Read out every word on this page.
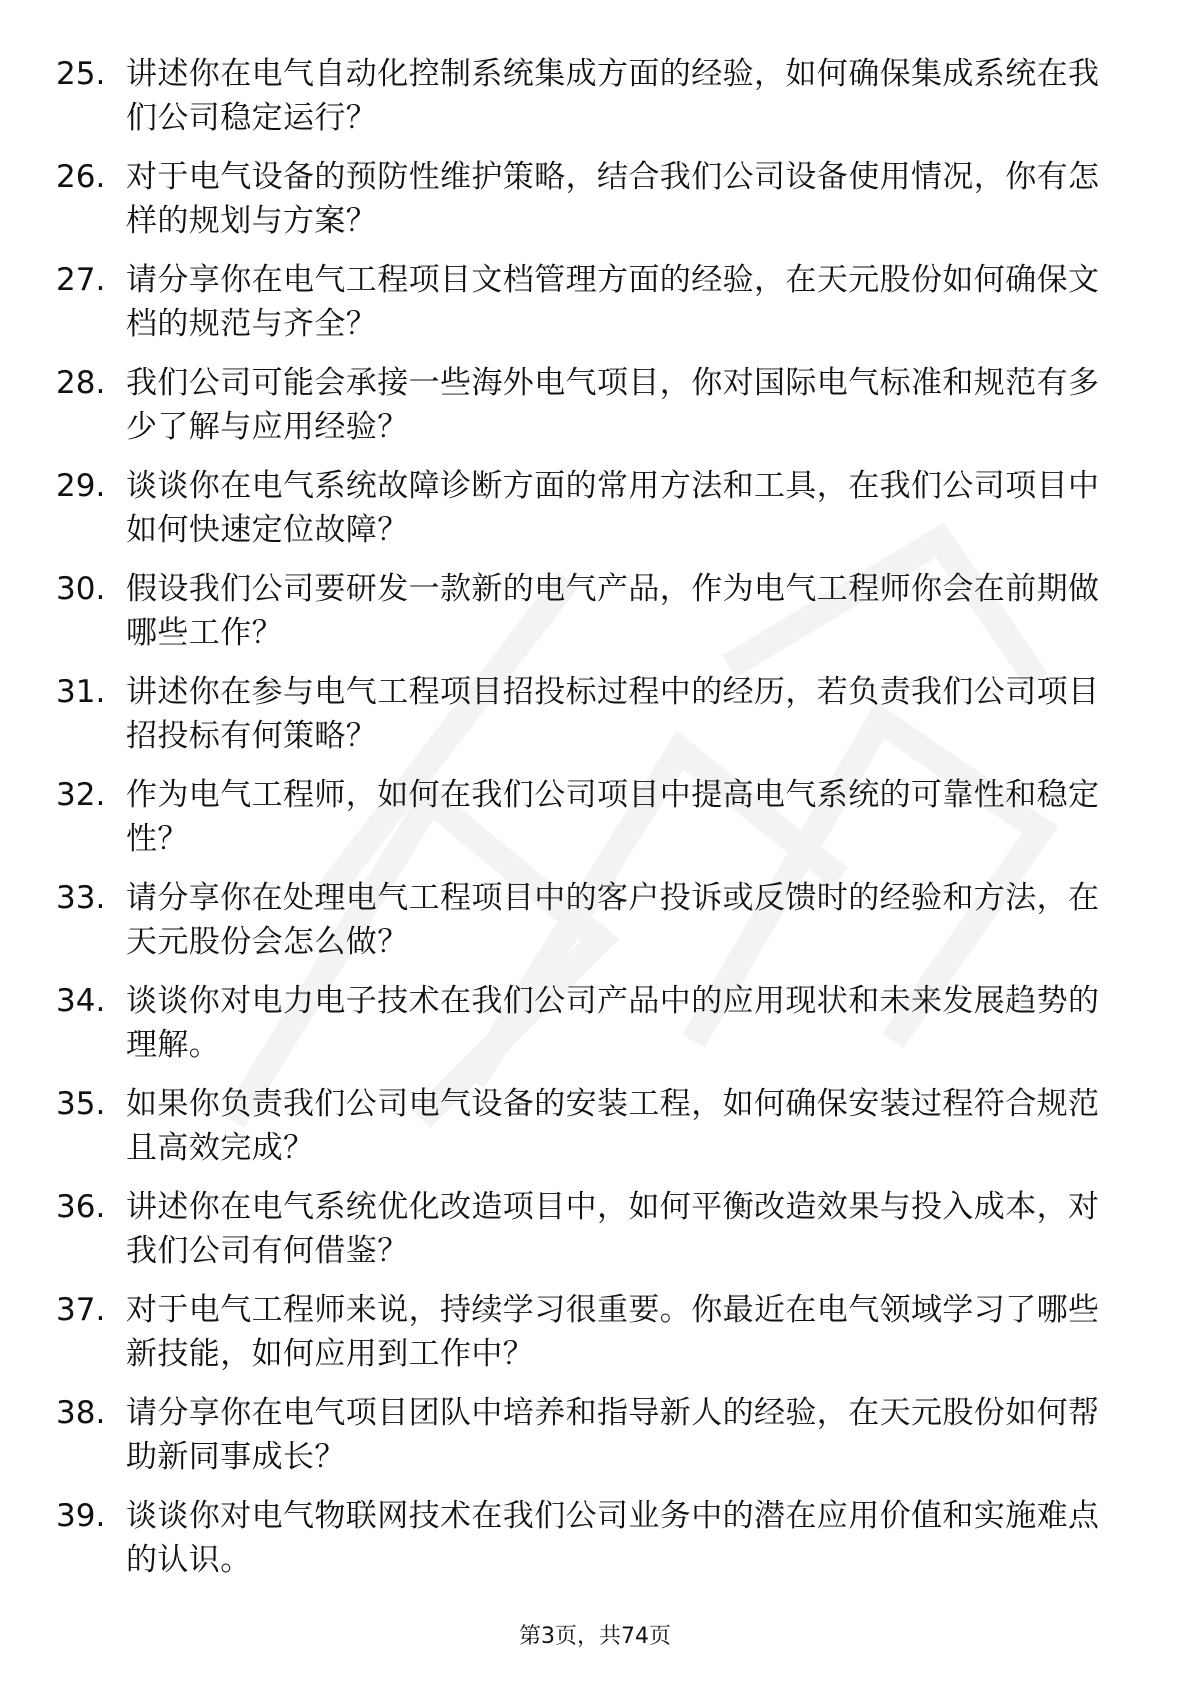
25. 讲述你在电气自动化控制系统集成方面的经验，如何确保集成系统在我们公司稳定运行？
26. 对于电气设备的预防性维护策略，结合我们公司设备使用情况，你有怎样的规划与方案？
27. 请分享你在电气工程项目文档管理方面的经验，在天元股份如何确保文档的规范与齐全？
28. 我们公司可能会承接一些海外电气项目，你对国际电气标准和规范有多少了解与应用经验？
29. 谈谈你在电气系统故障诊断方面的常用方法和工具，在我们公司项目中如何快速定位故障？
30. 假设我们公司要研发一款新的电气产品，作为电气工程师你会在前期做哪些工作？
31. 讲述你在参与电气工程项目招投标过程中的经历，若负责我们公司项目招投标有何策略？
32. 作为电气工程师，如何在我们公司项目中提高电气系统的可靠性和稳定性？
33. 请分享你在处理电气工程项目中的客户投诉或反馈时的经验和方法，在天元股份会怎么做？
34. 谈谈你对电力电子技术在我们公司产品中的应用现状和未来发展趋势的理解。
35. 如果你负责我们公司电气设备的安装工程，如何确保安装过程符合规范且高效完成？
36. 讲述你在电气系统优化改造项目中，如何平衡改造效果与投入成本，对我们公司有何借鉴？
37. 对于电气工程师来说，持续学习很重要。你最近在电气领域学习了哪些新技能，如何应用到工作中？
38. 请分享你在电气项目团队中培养和指导新人的经验，在天元股份如何帮助新同事成长？
39. 谈谈你对电气物联网技术在我们公司业务中的潜在应用价值和实施难点的认识。
第3页，共74页
